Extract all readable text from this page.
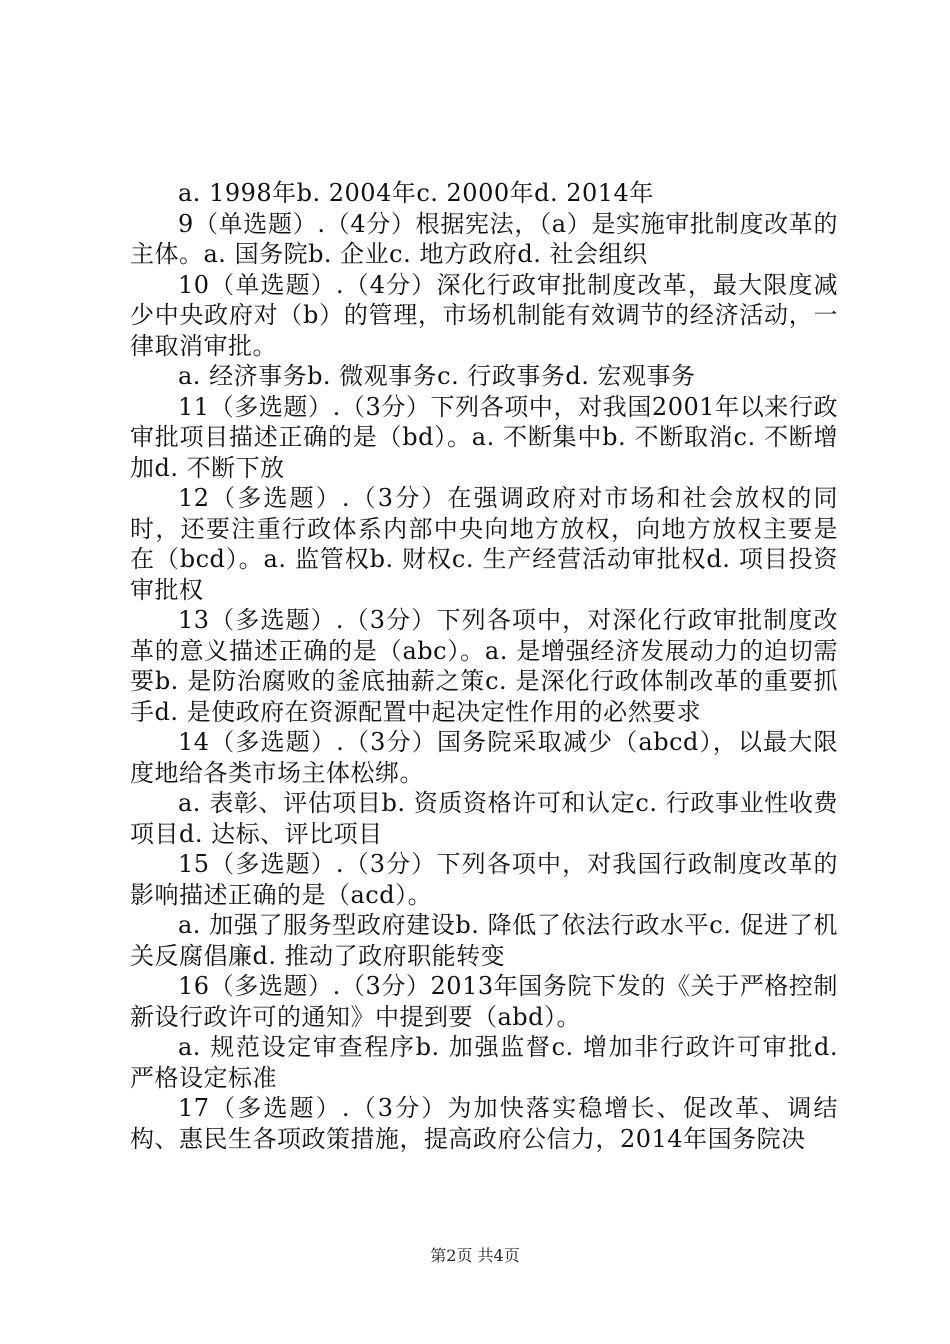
a. 1998年b. 2004年c. 2000年d. 2014年

9（单选题）.（4分）根据宪法，（a）是实施审批制度改革的主体。a. 国务院b. 企业c. 地方政府d. 社会组织

10（单选题）.（4分）深化行政审批制度改革，最大限度减少中央政府对（b）的管理，市场机制能有效调节的经济活动，一律取消审批。

a. 经济事务b. 微观事务c. 行政事务d. 宏观事务

11（多选题）.（3分）下列各项中，对我国2001年以来行政审批项目描述正确的是（bd）。a. 不断集中b. 不断取消c. 不断增加d. 不断下放

12（多选题）.（3分）在强调政府对市场和社会放权的同时，还要注重行政体系内部中央向地方放权，向地方放权主要是在（bcd）。a. 监管权b. 财权c. 生产经营活动审批权d. 项目投资审批权

13（多选题）.（3分）下列各项中，对深化行政审批制度改革的意义描述正确的是（abc）。a. 是增强经济发展动力的迫切需要b. 是防治腐败的釜底抽薪之策c. 是深化行政体制改革的重要抓手d. 是使政府在资源配置中起决定性作用的必然要求

14（多选题）.（3分）国务院采取减少（abcd），以最大限度地给各类市场主体松绑。

a. 表彰、评估项目b. 资质资格许可和认定c. 行政事业性收费项目d. 达标、评比项目

15（多选题）.（3分）下列各项中，对我国行政制度改革的影响描述正确的是（acd）。

a. 加强了服务型政府建设b. 降低了依法行政水平c. 促进了机关反腐倡廉d. 推动了政府职能转变

16（多选题）.（3分）2013年国务院下发的《关于严格控制新设行政许可的通知》中提到要（abd）。

a. 规范设定审查程序b. 加强监督c. 增加非行政许可审批d. 严格设定标准

17（多选题）.（3分）为加快落实稳增长、促改革、调结构、惠民生各项政策措施，提高政府公信力，2014年国务院决

第2页 共4页
